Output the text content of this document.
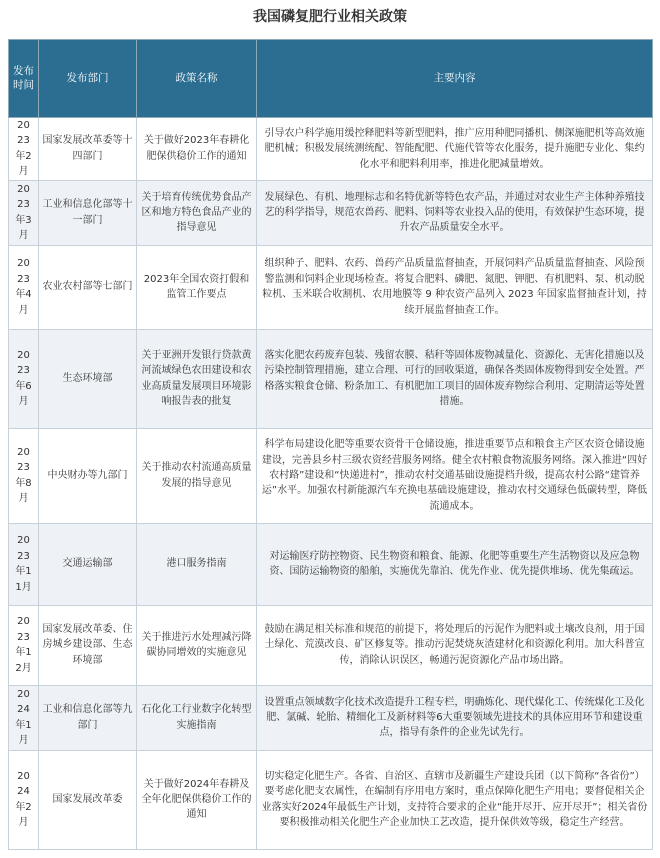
我国磷复肥行业相关政策
发布时间	发布部门	政策名称	主要内容
2023年2月	国家发展改革委等十四部门	关于做好2023年春耕化肥保供稳价工作的通知	引导农户科学施用缓控释肥料等新型肥料，推广应用种肥同播机、侧深施肥机等高效施肥机械；积极发展统测统配、智能配肥、代施代管等农化服务，提升施肥专业化、集约化水平和肥料利用率，推进化肥减量增效。
2023年3月	工业和信息化部等十一部门	关于培育传统优势食品产区和地方特色食品产业的指导意见	发展绿色、有机、地理标志和名特优新等特色农产品，并通过对农业生产主体种养殖技艺的科学指导，规范农兽药、肥料、饲料等农业投入品的使用，有效保护生态环境，提升农产品质量安全水平。
2023年4月	农业农村部等七部门	2023年全国农资打假和监管工作要点	组织种子、肥料、农药、兽药产品质量监督抽查，开展饲料产品质量监督抽查、风险预警监测和饲料企业现场检查。将复合肥料、磷肥、氮肥、钾肥、有机肥料、泵、机动脱粒机、玉米联合收割机、农用地膜等 9 种农资产品列入 2023 年国家监督抽查计划，持续开展监督抽查工作。
2023年6月	生态环境部	关于亚洲开发银行贷款黄河流域绿色农田建设和农业高质量发展项目环境影响报告表的批复	落实化肥农药废弃包装、残留农膜、秸秆等固体废物减量化、资源化、无害化措施以及污染控制管理措施，建立合理、可行的回收渠道，确保各类固体废物得到安全处置。严格落实粮食仓储、粉条加工、有机肥加工项目的固体废弃物综合利用、定期清运等处置措施。
2023年8月	中央财办等九部门	关于推动农村流通高质量发展的指导意见	科学布局建设化肥等重要农资骨干仓储设施，推进重要节点和粮食主产区农资仓储设施建设，完善县乡村三级农资经营服务网络。健全农村粮食物流服务网络。深入推进“四好农村路”建设和“快递进村”，推动农村交通基础设施提档升级，提高农村公路“建管养运”水平。加强农村新能源汽车充换电基础设施建设，推动农村交通绿色低碳转型，降低流通成本。
2023年11月	交通运输部	港口服务指南	对运输医疗防控物资、民生物资和粮食、能源、化肥等重要生产生活物资以及应急物资、国防运输物资的船舶，实施优先靠泊、优先作业、优先提供堆场、优先集疏运。
2023年12月	国家发展改革委、住房城乡建设部、生态环境部	关于推进污水处理减污降碳协同增效的实施意见	鼓励在满足相关标准和规范的前提下，将处理后的污泥作为肥料或土壤改良剂，用于国土绿化、荒漠改良、矿区修复等。推动污泥焚烧灰渣建材化和资源化利用。加大科普宣传，消除认识误区，畅通污泥资源化产品市场出路。
2024年1月	工业和信息化部等九部门	石化化工行业数字化转型实施指南	设置重点领域数字化技术改造提升工程专栏，明确炼化、现代煤化工、传统煤化工及化肥、氯碱、轮胎、精细化工及新材料等6大重要领域先进技术的具体应用环节和建设重点，指导有条件的企业先试先行。
2024年2月	国家发展改革委	关于做好2024年春耕及全年化肥保供稳价工作的通知	切实稳定化肥生产。各省、自治区、直辖市及新疆生产建设兵团（以下简称“各省份”）要考虑化肥支农属性，在编制有序用电方案时，重点保障化肥生产用电；要督促相关企业落实好2024年最低生产计划，支持符合要求的企业“能开尽开、应开尽开”；相关省份要积极推动相关化肥生产企业加快工艺改造，提升保供效等级，稳定生产经营。
